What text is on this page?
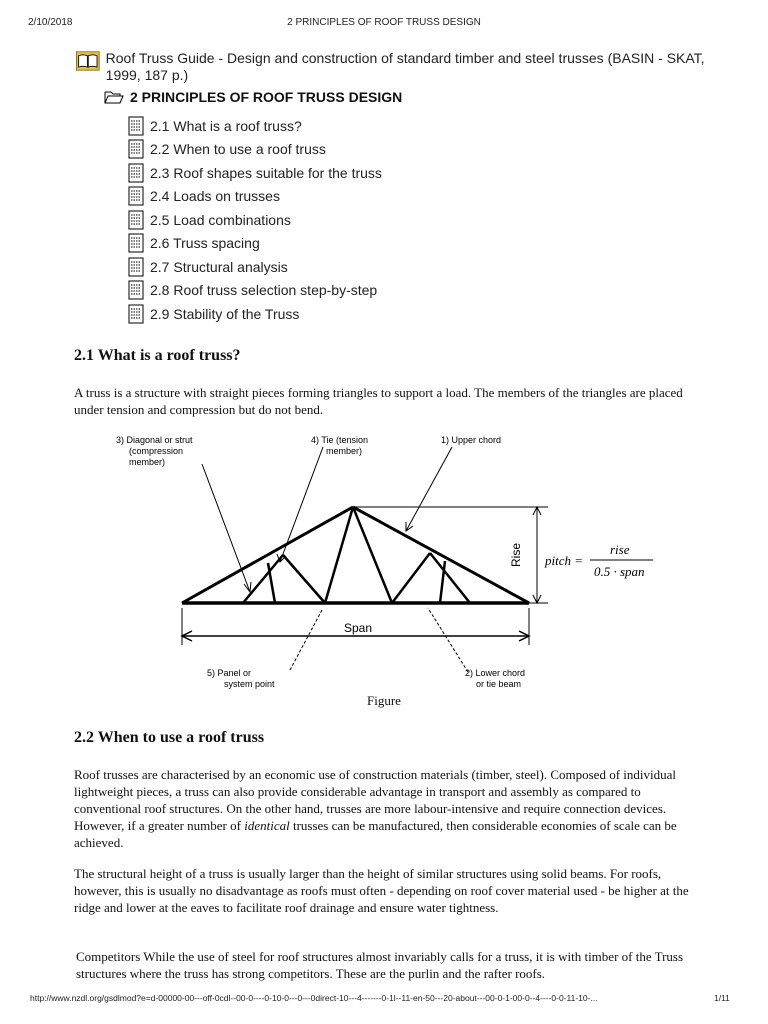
2/10/2018	2 PRINCIPLES OF ROOF TRUSS DESIGN
Roof Truss Guide - Design and construction of standard timber and steel trusses (BASIN - SKAT, 1999, 187 p.)
2 PRINCIPLES OF ROOF TRUSS DESIGN
2.1 What is a roof truss?
2.2 When to use a roof truss
2.3 Roof shapes suitable for the truss
2.4 Loads on trusses
2.5 Load combinations
2.6 Truss spacing
2.7 Structural analysis
2.8 Roof truss selection step-by-step
2.9 Stability of the Truss
2.1 What is a roof truss?

A truss is a structure with straight pieces forming triangles to support a load. The members of the triangles are placed under tension and compression but do not bend.

3) Diagonal or strut
(compression
member)
4) Tie (tension
member)
1) Upper chord
5) Panel or
system point
2) Lower chord
or tie beam
Span
Rise pitch =
rise
0.5 · span
Figure
2.2 When to use a roof truss

Roof trusses are characterised by an economic use of construction materials (timber, steel). Composed of individual lightweight pieces, a truss can also provide considerable advantage in transport and assembly as compared to conventional roof structures. On the other hand, trusses are more labour-intensive and require connection devices. However, if a greater number of identical trusses can be manufactured, then considerable economies of scale can be achieved.

The structural height of a truss is usually larger than the height of similar structures using solid beams. For roofs, however, this is usually no disadvantage as roofs must often - depending on roof cover material used - be higher at the ridge and lower at the eaves to facilitate roof drainage and ensure water tightness.

Competitors While the use of steel for roof structures almost invariably calls for a truss, it is with timber of the Truss structures where the truss has strong competitors. These are the purlin and the rafter roofs.

http://www.nzdl.org/gsdlmod?e=d-00000-00---off-0cdl--00-0----0-10-0---0---0direct-10---4-------0-1l--11-en-50---20-about---00-0-1-00-0--4----0-0-11-10-...	1/11
